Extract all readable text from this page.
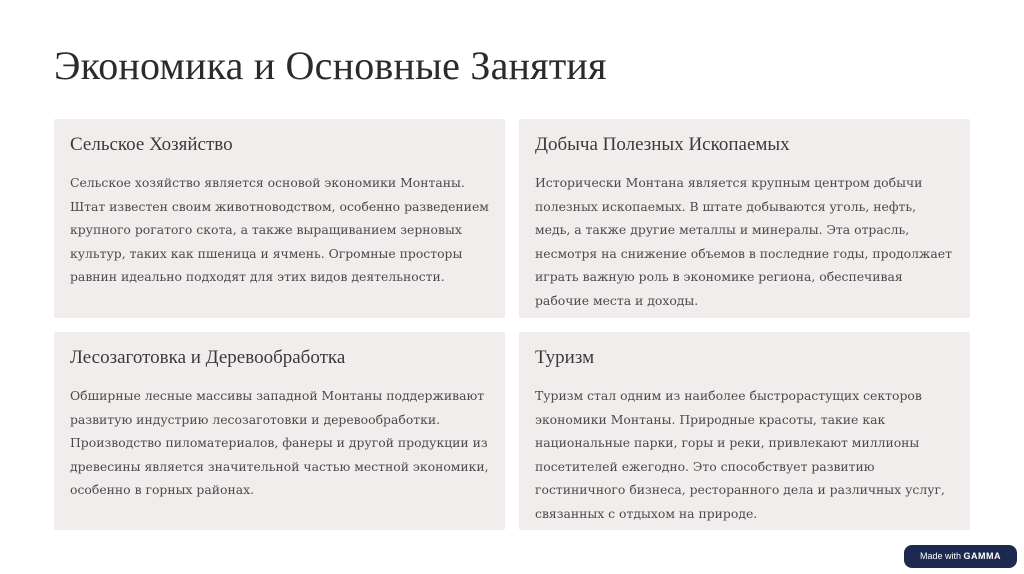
Экономика и Основные Занятия
Сельское Хозяйство

Сельское хозяйство является основой экономики Монтаны. Штат известен своим животноводством, особенно разведением крупного рогатого скота, а также выращиванием зерновых культур, таких как пшеница и ячмень. Огромные просторы равнин идеально подходят для этих видов деятельности.

Добыча Полезных Ископаемых

Исторически Монтана является крупным центром добычи полезных ископаемых. В штате добываются уголь, нефть, медь, а также другие металлы и минералы. Эта отрасль, несмотря на снижение объемов в последние годы, продолжает играть важную роль в экономике региона, обеспечивая рабочие места и доходы.

Лесозаготовка и Деревообработка

Обширные лесные массивы западной Монтаны поддерживают развитую индустрию лесозаготовки и деревообработки. Производство пиломатериалов, фанеры и другой продукции из древесины является значительной частью местной экономики, особенно в горных районах.

Туризм

Туризм стал одним из наиболее быстрорастущих секторов экономики Монтаны. Природные красоты, такие как национальные парки, горы и реки, привлекают миллионы посетителей ежегодно. Это способствует развитию гостиничного бизнеса, ресторанного дела и различных услуг, связанных с отдыхом на природе.

Made with GAMMA
